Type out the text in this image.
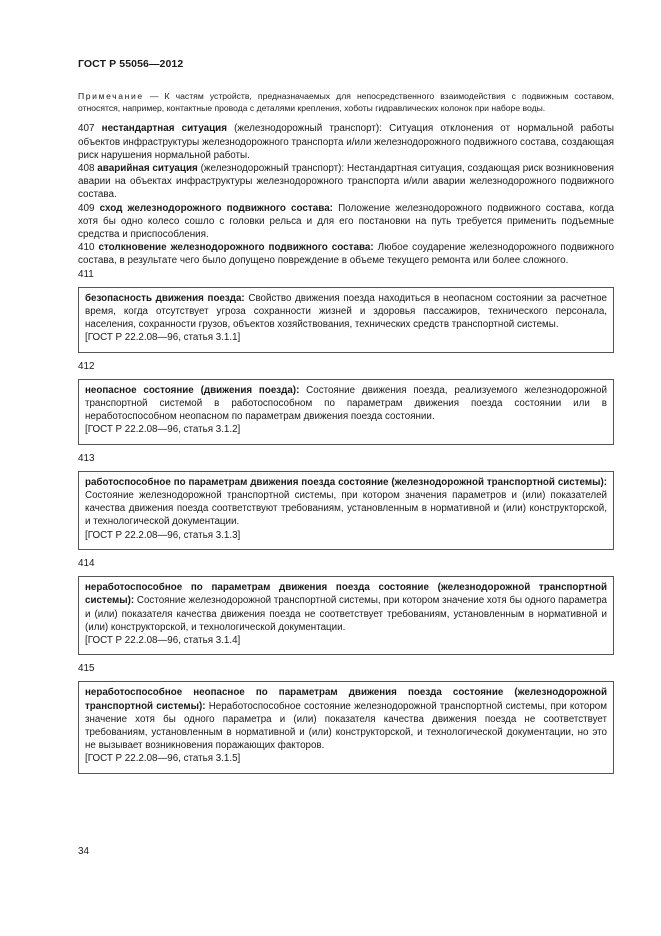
ГОСТ Р 55056—2012

Примечание — К частям устройств, предназначаемых для непосредственного взаимодействия с подвижным составом, относятся, например, контактные провода с деталями крепления, хоботы гидравлических колонок при наборе воды.

407 нестандартная ситуация (железнодорожный транспорт): Ситуация отклонения от нормальной работы объектов инфраструктуры железнодорожного транспорта и/или железнодорожного подвижного состава, создающая риск нарушения нормальной работы.

408 аварийная ситуация (железнодорожный транспорт): Нестандартная ситуация, создающая риск возникновения аварии на объектах инфраструктуры железнодорожного транспорта и/или аварии железнодорожного подвижного состава.

409 сход железнодорожного подвижного состава: Положение железнодорожного подвижного состава, когда хотя бы одно колесо сошло с головки рельса и для его постановки на путь требуется применить подъемные средства и приспособления.

410 столкновение железнодорожного подвижного состава: Любое соударение железнодорожного подвижного состава, в результате чего было допущено повреждение в объеме текущего ремонта или более сложного.

411

безопасность движения поезда: Свойство движения поезда находиться в неопасном состоянии за расчетное время, когда отсутствует угроза сохранности жизней и здоровья пассажиров, технического персонала, населения, сохранности грузов, объектов хозяйствования, технических средств транспортной системы.
[ГОСТ Р 22.2.08—96, статья 3.1.1]

412

неопасное состояние (движения поезда): Состояние движения поезда, реализуемого железнодорожной транспортной системой в работоспособном по параметрам движения поезда состоянии или в неработоспособном неопасном по параметрам движения поезда состоянии.
[ГОСТ Р 22.2.08—96, статья 3.1.2]

413

работоспособное по параметрам движения поезда состояние (железнодорожной транспортной системы): Состояние железнодорожной транспортной системы, при котором значения параметров и (или) показателей качества движения поезда соответствуют требованиям, установленным в нормативной и (или) конструкторской, и технологической документации.
[ГОСТ Р 22.2.08—96, статья 3.1.3]

414

неработоспособное по параметрам движения поезда состояние (железнодорожной транспортной системы): Состояние железнодорожной транспортной системы, при котором значение хотя бы одного параметра и (или) показателя качества движения поезда не соответствует требованиям, установленным в нормативной и (или) конструкторской, и технологической документации.
[ГОСТ Р 22.2.08—96, статья 3.1.4]

415

неработоспособное неопасное по параметрам движения поезда состояние (железнодорожной транспортной системы): Неработоспособное состояние железнодорожной транспортной системы, при котором значение хотя бы одного параметра и (или) показателя качества движения поезда не соответствует требованиям, установленным в нормативной и (или) конструкторской, и технологической документации, но это не вызывает возникновения поражающих факторов.
[ГОСТ Р 22.2.08—96, статья 3.1.5]
34
